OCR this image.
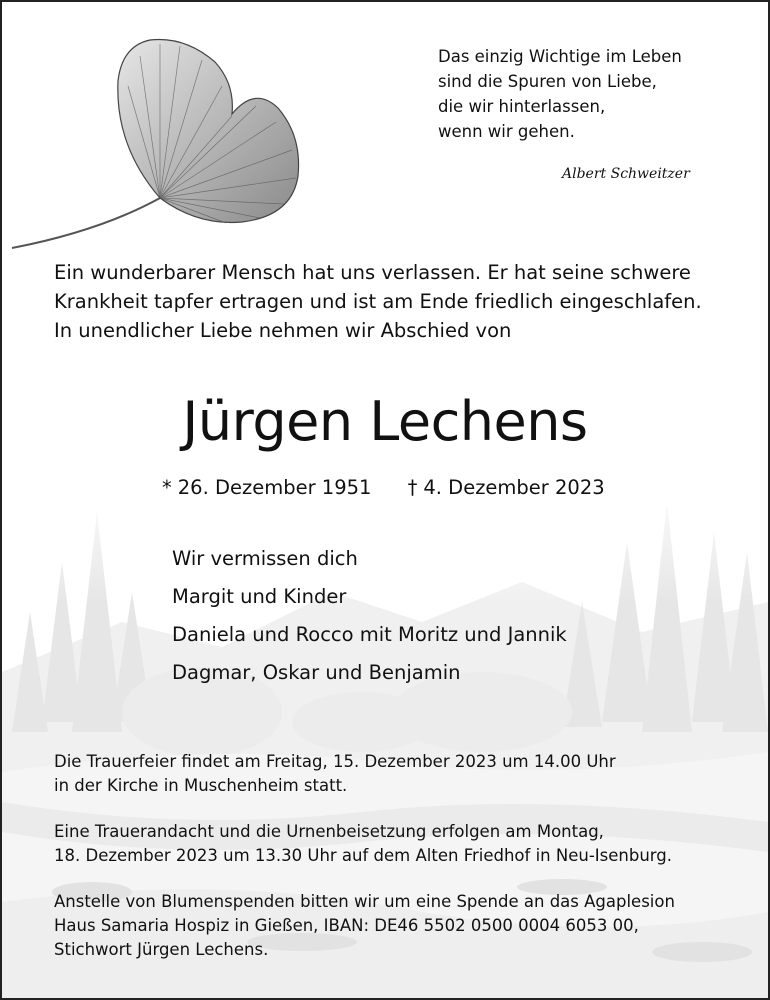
Das einzig Wichtige im Leben
sind die Spuren von Liebe,
die wir hinterlassen,
wenn wir gehen.
Albert Schweitzer
Ein wunderbarer Mensch hat uns verlassen. Er hat seine schwere
Krankheit tapfer ertragen und ist am Ende friedlich eingeschlafen.
In unendlicher Liebe nehmen wir Abschied von
Jürgen Lechens
* 26. Dezember 1951 † 4. Dezember 2023
Wir vermissen dich
Margit und Kinder
Daniela und Rocco mit Moritz und Jannik
Dagmar, Oskar und Benjamin
Die Trauerfeier findet am Freitag, 15. Dezember 2023 um 14.00 Uhr
in der Kirche in Muschenheim statt.
Eine Trauerandacht und die Urnenbeisetzung erfolgen am Montag,
18. Dezember 2023 um 13.30 Uhr auf dem Alten Friedhof in Neu-Isenburg.
Anstelle von Blumenspenden bitten wir um eine Spende an das Agaplesion
Haus Samaria Hospiz in Gießen, IBAN: DE46 5502 0500 0004 6053 00,
Stichwort Jürgen Lechens.
